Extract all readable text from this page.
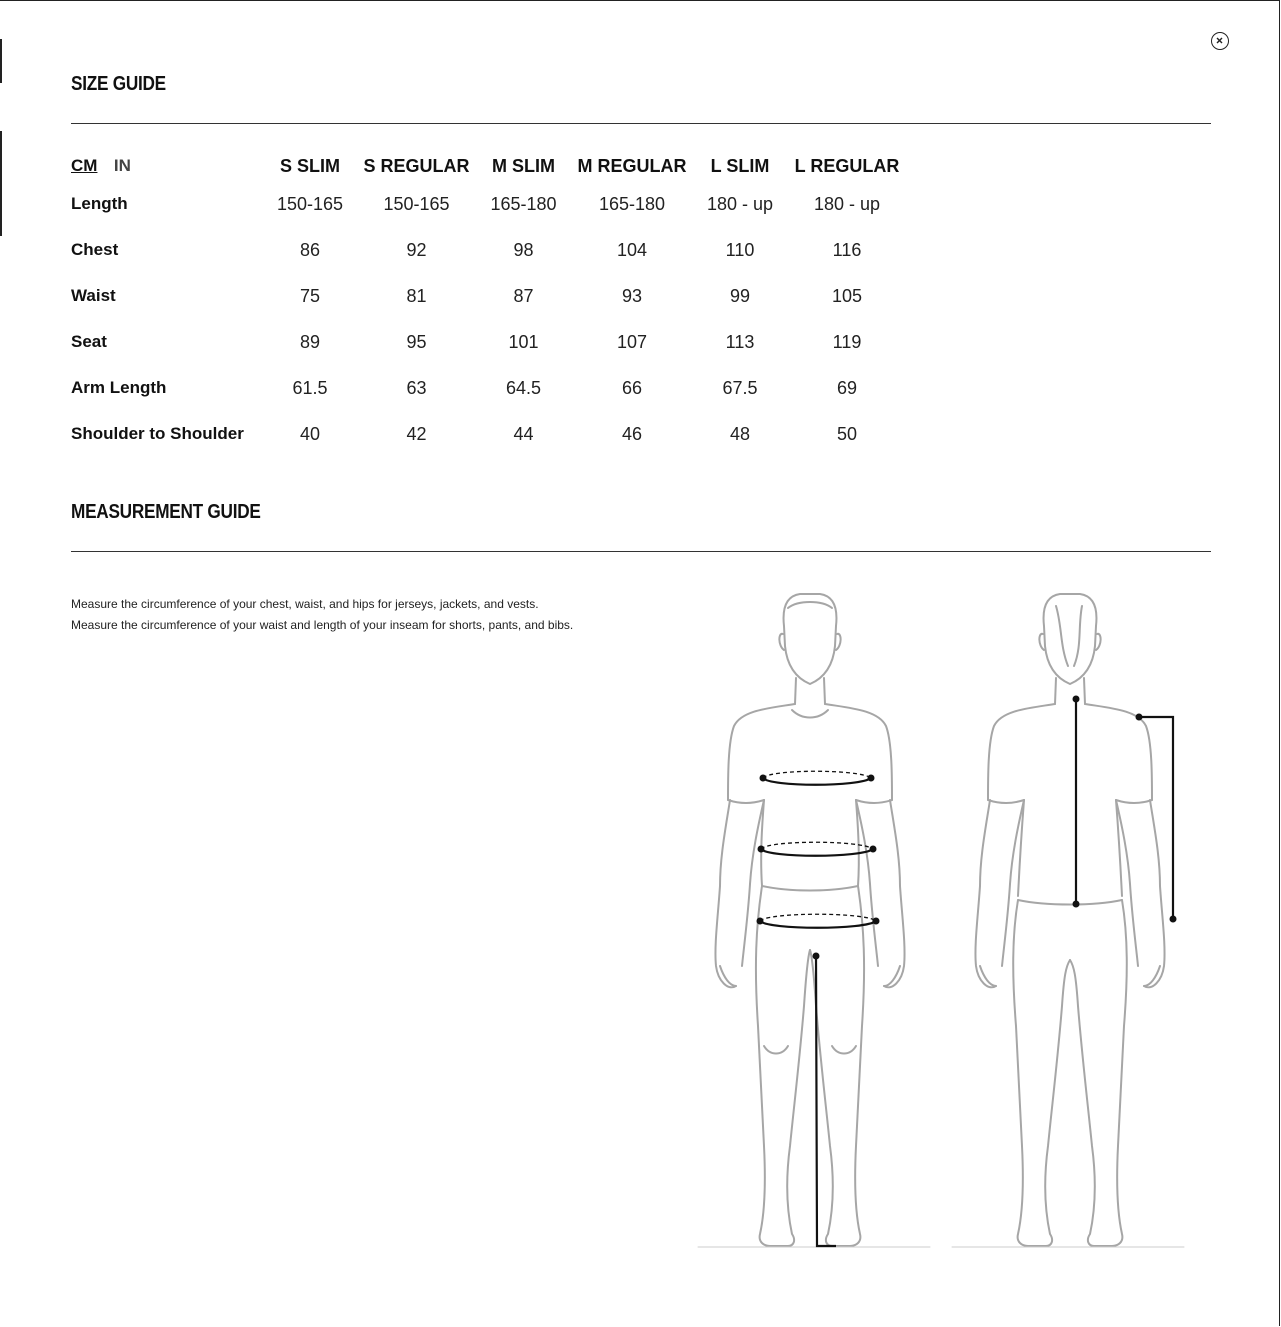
SIZE GUIDE
CM IN	S SLIM	S REGULAR	M SLIM	M REGULAR	L SLIM	L REGULAR
Length	150-165	150-165	165-180	165-180	180 - up	180 - up
Chest	86	92	98	104	110	116
Waist	75	81	87	93	99	105
Seat	89	95	101	107	113	119
Arm Length	61.5	63	64.5	66	67.5	69
Shoulder to Shoulder	40	42	44	46	48	50
MEASUREMENT GUIDE

Measure the circumference of your chest, waist, and hips for jerseys, jackets, and vests.

Measure the circumference of your waist and length of your inseam for shorts, pants, and bibs.
